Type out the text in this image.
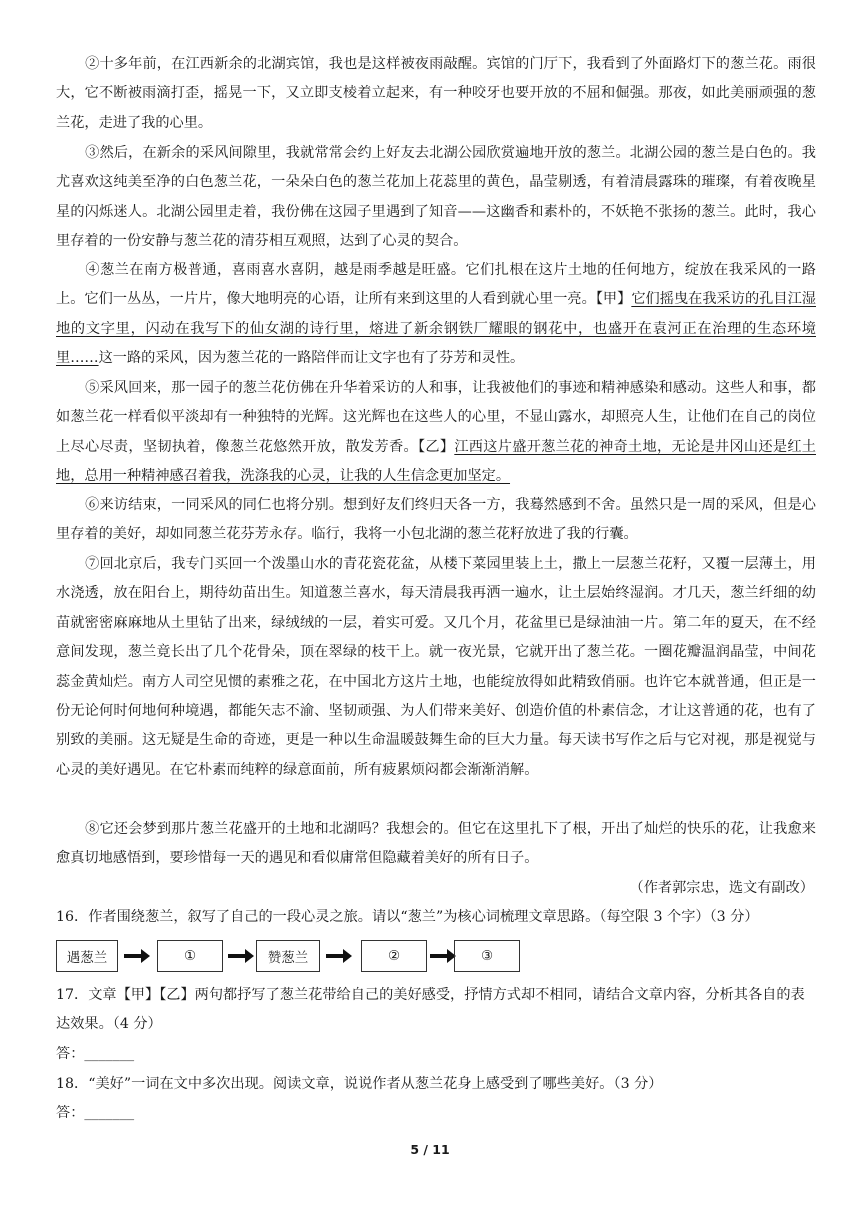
②十多年前，在江西新余的北湖宾馆，我也是这样被夜雨敲醒。宾馆的门厅下，我看到了外面路灯下的葱兰花。雨很大，它不断被雨滴打歪，摇晃一下，又立即支棱着立起来，有一种咬牙也要开放的不屈和倔强。那夜，如此美丽顽强的葱兰花，走进了我的心里。

③然后，在新余的采风间隙里，我就常常会约上好友去北湖公园欣赏遍地开放的葱兰。北湖公园的葱兰是白色的。我尤喜欢这纯美至净的白色葱兰花，一朵朵白色的葱兰花加上花蕊里的黄色，晶莹剔透，有着清晨露珠的璀璨，有着夜晚星星的闪烁迷人。北湖公园里走着，我份佛在这园子里遇到了知音——这幽香和素朴的，不妖艳不张扬的葱兰。此时，我心里存着的一份安静与葱兰花的清芬相互观照，达到了心灵的契合。

④葱兰在南方极普通，喜雨喜水喜阴，越是雨季越是旺盛。它们扎根在这片土地的任何地方，绽放在我采风的一路上。它们一丛丛，一片片，像大地明亮的心语，让所有来到这里的人看到就心里一亮。【甲】它们摇曳在我采访的孔目江湿地的文字里，闪动在我写下的仙女湖的诗行里，熔进了新余钢铁厂耀眼的钢花中，也盛开在袁河正在治理的生态环境里……这一路的采风，因为葱兰花的一路陪伴而让文字也有了芬芳和灵性。

⑤采风回来，那一园子的葱兰花仿佛在升华着采访的人和事，让我被他们的事迹和精神感染和感动。这些人和事，都如葱兰花一样看似平淡却有一种独特的光辉。这光辉也在这些人的心里，不显山露水，却照亮人生，让他们在自己的岗位上尽心尽责，坚韧执着，像葱兰花悠然开放，散发芳香。【乙】江西这片盛开葱兰花的神奇土地，无论是井冈山还是红土地，总用一种精神感召着我，洗涤我的心灵，让我的人生信念更加坚定。

⑥来访结束，一同采风的同仁也将分别。想到好友们终归天各一方，我蓦然感到不舍。虽然只是一周的采风，但是心里存着的美好，却如同葱兰花芬芳永存。临行，我将一小包北湖的葱兰花籽放进了我的行囊。

⑦回北京后，我专门买回一个泼墨山水的青花瓷花盆，从楼下菜园里装上土，撒上一层葱兰花籽，又覆一层薄土，用水浇透，放在阳台上，期待幼苗出生。知道葱兰喜水，每天清晨我再洒一遍水，让土层始终湿润。才几天，葱兰纤细的幼苗就密密麻麻地从土里钻了出来，绿绒绒的一层，着实可爱。又几个月，花盆里已是绿油油一片。第二年的夏天，在不经意间发现，葱兰竟长出了几个花骨朵，顶在翠绿的枝干上。就一夜光景，它就开出了葱兰花。一圈花瓣温润晶莹，中间花蕊金黄灿烂。南方人司空见惯的素雅之花，在中国北方这片土地，也能绽放得如此精致俏丽。也许它本就普通，但正是一份无论何时何地何种境遇，都能矢志不渝、坚韧顽强、为人们带来美好、创造价值的朴素信念，才让这普通的花，也有了别致的美丽。这无疑是生命的奇迹，更是一种以生命温暖鼓舞生命的巨大力量。每天读书写作之后与它对视，那是视觉与心灵的美好遇见。在它朴素而纯粹的绿意面前，所有疲累烦闷都会渐渐消解。

⑧它还会梦到那片葱兰花盛开的土地和北湖吗？我想会的。但它在这里扎下了根，开出了灿烂的快乐的花，让我愈来愈真切地感悟到，要珍惜每一天的遇见和看似庸常但隐藏着美好的所有日子。

（作者郭宗忠，选文有副改）

16．作者围绕葱兰，叙写了自己的一段心灵之旅。请以“葱兰”为核心词梳理文章思路。（每空限 3 个字）（3 分）

遇葱兰	①	赞葱兰	②	③

17．文章【甲】【乙】两句都抒写了葱兰花带给自己的美好感受，抒情方式却不相同，请结合文章内容，分析其各自的表达效果。（4 分）

答：_______

18．“美好”一词在文中多次出现。阅读文章，说说作者从葱兰花身上感受到了哪些美好。（3 分）

答：_______

5 / 11
